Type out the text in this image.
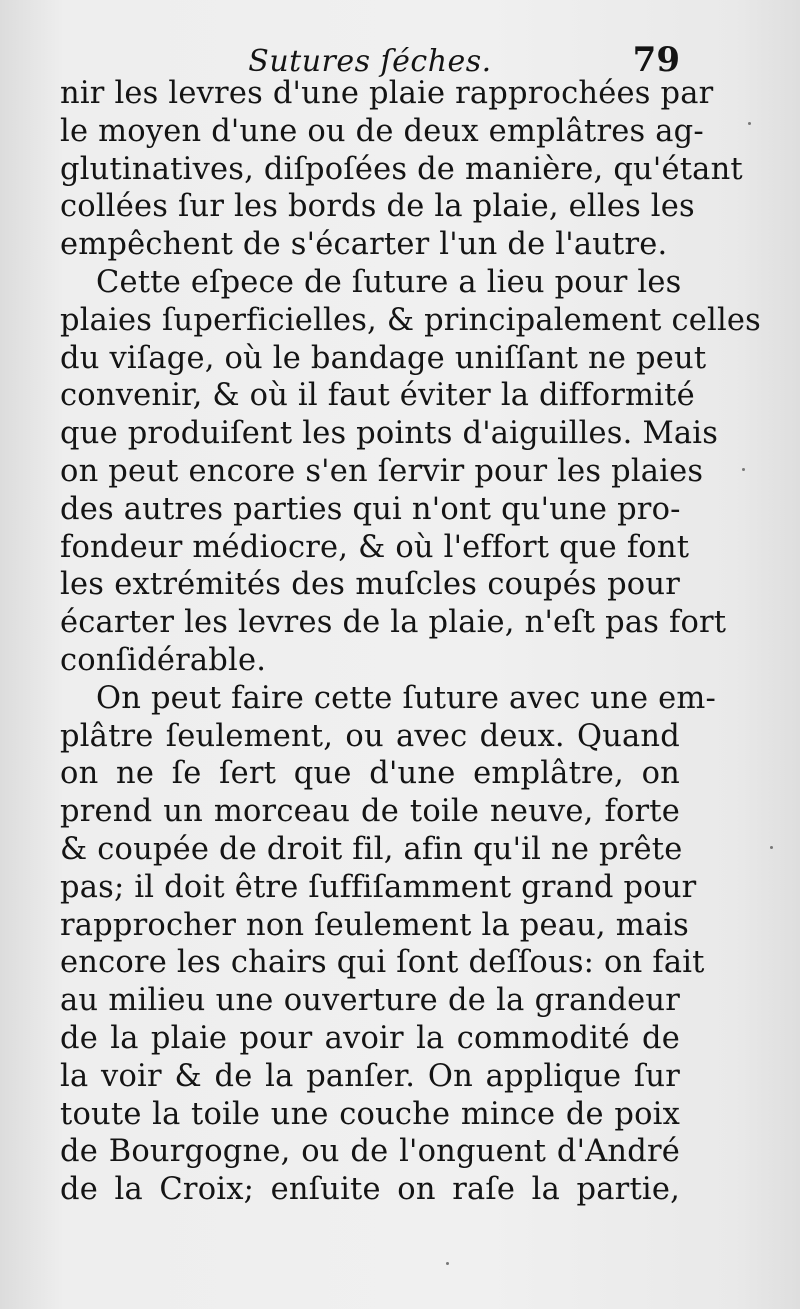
Sutures ſéches.	79
nir les levres d'une plaie rapprochées par
le moyen d'une ou de deux emplâtres ag-
glutinatives, diſpoſées de manière, qu'étant
collées ſur les bords de la plaie, elles les
empêchent de s'écarter l'un de l'autre.
Cette eſpece de ſuture a lieu pour les
plaies ſuperficielles, & principalement celles
du viſage, où le bandage uniſſant ne peut
convenir, & où il faut éviter la difformité
que produiſent les points d'aiguilles. Mais
on peut encore s'en ſervir pour les plaies
des autres parties qui n'ont qu'une pro-
fondeur médiocre, & où l'effort que font
les extrémités des muſcles coupés pour
écarter les levres de la plaie, n'eſt pas fort
conſidérable.
On peut faire cette ſuture avec une em-
plâtre ſeulement, ou avec deux. Quand
on ne ſe ſert que d'une emplâtre, on
prend un morceau de toile neuve, forte
& coupée de droit fil, afin qu'il ne prête
pas; il doit être ſuffiſamment grand pour
rapprocher non ſeulement la peau, mais
encore les chairs qui ſont deſſous: on fait
au milieu une ouverture de la grandeur
de la plaie pour avoir la commodité de
la voir & de la panſer. On applique ſur
toute la toile une couche mince de poix
de Bourgogne, ou de l'onguent d'André
de la Croix; enſuite on raſe la partie,
